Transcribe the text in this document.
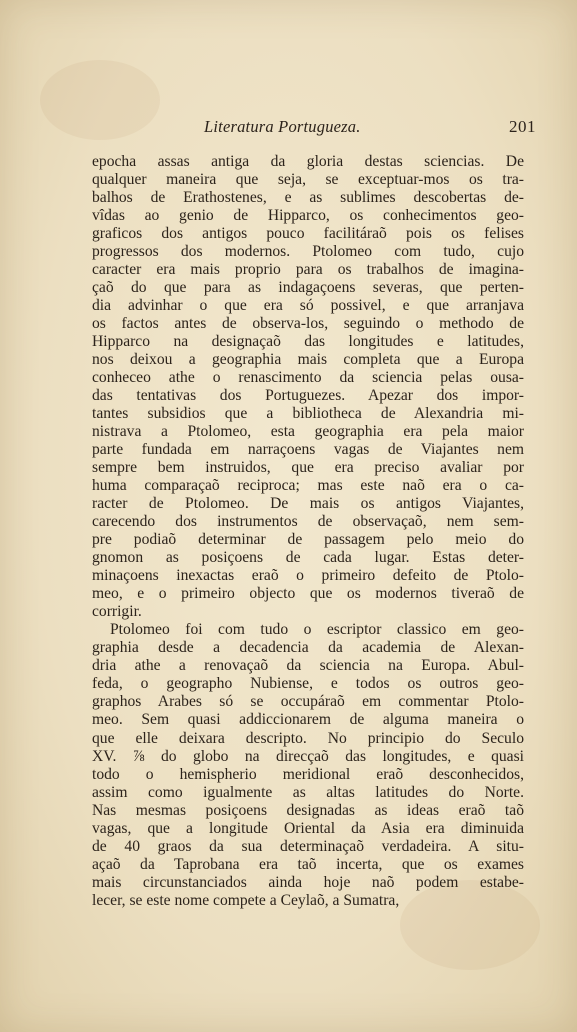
Literatura Portugueza.	201
epocha assas antiga da gloria destas sciencias. De
qualquer maneira que seja, se exceptuar-mos os tra-
balhos de Erathostenes, e as sublimes descobertas de-
vîdas ao genio de Hipparco, os conhecimentos geo-
graficos dos antigos pouco facilitáraõ pois os felises
progressos dos modernos. Ptolomeo com tudo, cujo
caracter era mais proprio para os trabalhos de imagina-
çaõ do que para as indagaçoens severas, que perten-
dia advinhar o que era só possivel, e que arranjava
os factos antes de observa-los, seguindo o methodo de
Hipparco na designaçaõ das longitudes e latitudes,
nos deixou a geographia mais completa que a Europa
conheceo athe o renascimento da sciencia pelas ousa-
das tentativas dos Portuguezes. Apezar dos impor-
tantes subsidios que a bibliotheca de Alexandria mi-
nistrava a Ptolomeo, esta geographia era pela maior
parte fundada em narraçoens vagas de Viajantes nem
sempre bem instruidos, que era preciso avaliar por
huma comparaçaõ reciproca; mas este naõ era o ca-
racter de Ptolomeo. De mais os antigos Viajantes,
carecendo dos instrumentos de observaçaõ, nem sem-
pre podiaõ determinar de passagem pelo meio do
gnomon as posiçoens de cada lugar. Estas deter-
minaçoens inexactas eraõ o primeiro defeito de Ptolo-
meo, e o primeiro objecto que os modernos tiveraõ de
corrigir.
Ptolomeo foi com tudo o escriptor classico em geo-
graphia desde a decadencia da academia de Alexan-
dria athe a renovaçaõ da sciencia na Europa. Abul-
feda, o geographo Nubiense, e todos os outros geo-
graphos Arabes só se occupáraõ em commentar Ptolo-
meo. Sem quasi addiccionarem de alguma maneira o
que elle deixara descripto. No principio do Seculo
XV. ⅞ do globo na direcçaõ das longitudes, e quasi
todo o hemispherio meridional eraõ desconhecidos,
assim como igualmente as altas latitudes do Norte.
Nas mesmas posiçoens designadas as ideas eraõ taõ
vagas, que a longitude Oriental da Asia era diminuida
de 40 graos da sua determinaçaõ verdadeira. A situ-
açaõ da Taprobana era taõ incerta, que os exames
mais circunstanciados ainda hoje naõ podem estabe-
lecer, se este nome compete a Ceylaõ, a Sumatra,
